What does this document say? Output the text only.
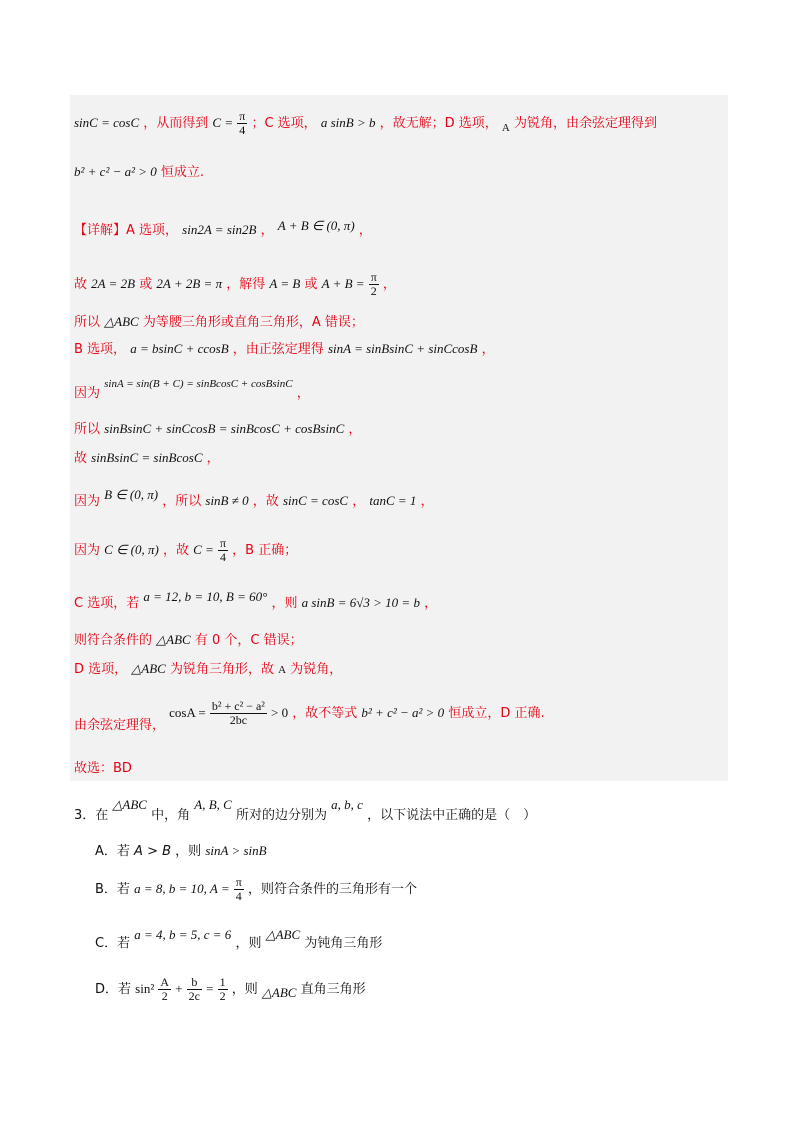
sinC = cosC ，从而得到 $C = \frac{\pi}{4}$ ；C 选项， a sinB > b ，故无解；D 选项， $_A$ 为锐角，由余弦定理得到
b² + c² − a² > 0 恒成立.
【详解】A 选项， sin2A = sin2B ， A + B ∈ (0, π) ，
故 2A = 2B 或 2A + 2B = π ，解得 A = B 或 $A + B = \frac{\pi}{2}$ ，
所以 △ABC 为等腰三角形或直角三角形，A 错误；
B 选项， a = bsinC + ccosB ，由正弦定理得 sinA = sinBsinC + sinCcosB ，
因为 sinA = sin(B + C) = sinBcosC + cosBsinC ，
所以 sinBsinC + sinCcosB = sinBcosC + cosBsinC ，
故 sinBsinC = sinBcosC ，
因为 B ∈ (0, π) ，所以 sinB ≠ 0 ，故 sinC = cosC ， tanC = 1 ，
因为 C ∈ (0, π) ，故 $C = \frac{\pi}{4}$ ，B 正确；
C 选项，若 a = 12, b = 10, B = 60° ，则 a sinB = 6√3 > 10 = b ，
则符合条件的 △ABC 有 0 个，C 错误；
D 选项， △ABC 为锐角三角形，故 A 为锐角，
由余弦定理得， $\cos A = \frac{\text{b² + c² − a²}}{2bc} > 0$ ，故不等式 b² + c² − a² > 0 恒成立，D 正确.
故选：BD
3．在 △ABC 中，角 A, B, C 所对的边分别为 a, b, c ，以下说法中正确的是（　）
A．若 A > B ，则 sinA > sinB
B．若 a = 8, b = 10, $A = \frac{\pi}{4}$ ，则符合条件的三角形有一个
C．若 a = 4, b = 5, c = 6 ，则 △ABC 为钝角三角形
D．若 $\sin^2 \frac{A}{2} + \frac{b}{2c} = \frac{1}{2}$ ，则 △ABC 直角三角形
